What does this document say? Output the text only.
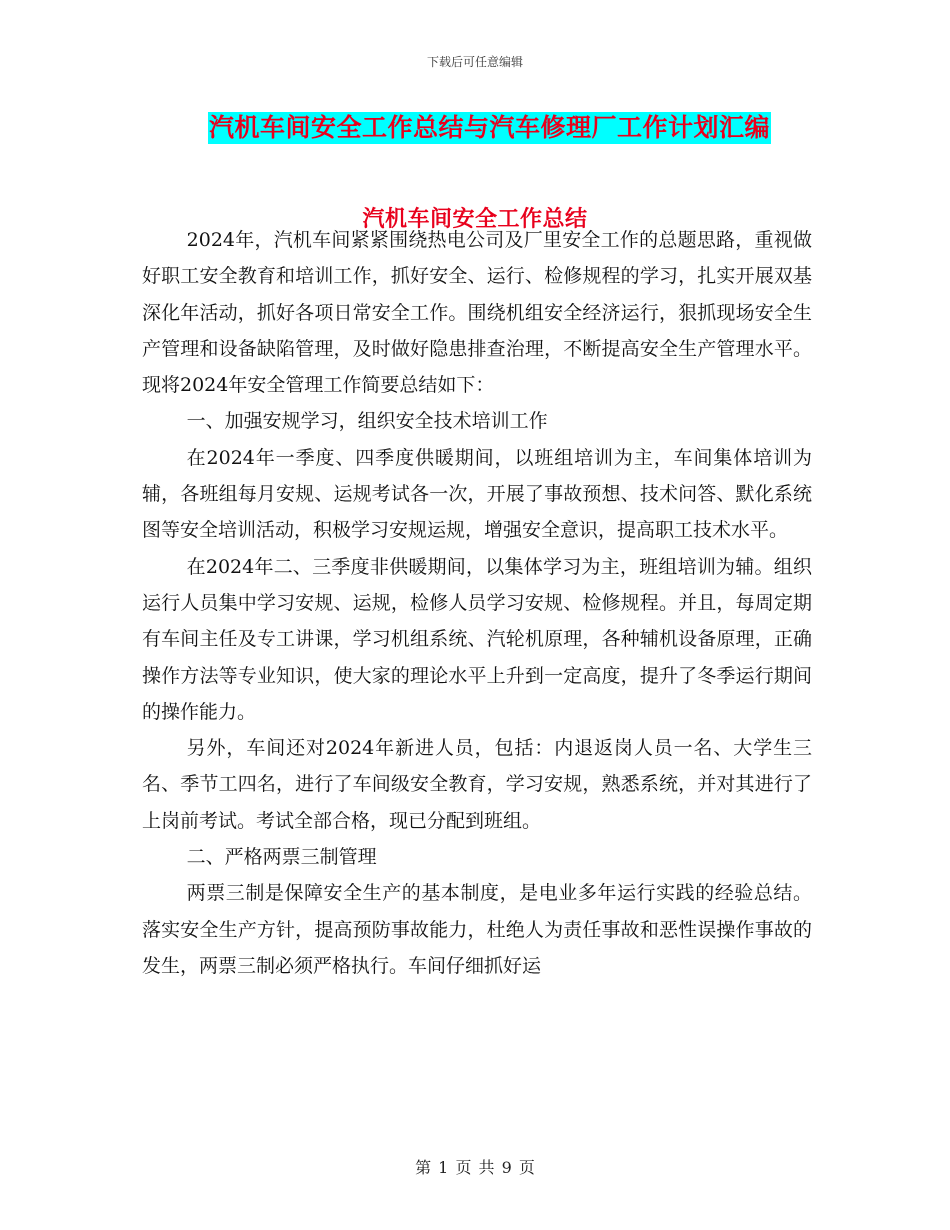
下载后可任意编辑
汽机车间安全工作总结与汽车修理厂工作计划汇编
汽机车间安全工作总结

2024年，汽机车间紧紧围绕热电公司及厂里安全工作的总题思路，重视做好职工安全教育和培训工作，抓好安全、运行、检修规程的学习，扎实开展双基深化年活动，抓好各项日常安全工作。围绕机组安全经济运行，狠抓现场安全生产管理和设备缺陷管理，及时做好隐患排查治理，不断提高安全生产管理水平。现将2024年安全管理工作简要总结如下：

一、加强安规学习，组织安全技术培训工作

在2024年一季度、四季度供暖期间，以班组培训为主，车间集体培训为辅，各班组每月安规、运规考试各一次，开展了事故预想、技术问答、默化系统图等安全培训活动，积极学习安规运规，增强安全意识，提高职工技术水平。

在2024年二、三季度非供暖期间，以集体学习为主，班组培训为辅。组织运行人员集中学习安规、运规，检修人员学习安规、检修规程。并且，每周定期有车间主任及专工讲课，学习机组系统、汽轮机原理，各种辅机设备原理，正确操作方法等专业知识，使大家的理论水平上升到一定高度，提升了冬季运行期间的操作能力。

另外，车间还对2024年新进人员，包括：内退返岗人员一名、大学生三名、季节工四名，进行了车间级安全教育，学习安规，熟悉系统，并对其进行了上岗前考试。考试全部合格，现已分配到班组。

二、严格两票三制管理

两票三制是保障安全生产的基本制度，是电业多年运行实践的经验总结。落实安全生产方针，提高预防事故能力，杜绝人为责任事故和恶性误操作事故的发生，两票三制必须严格执行。车间仔细抓好运

第 1 页 共 9 页
